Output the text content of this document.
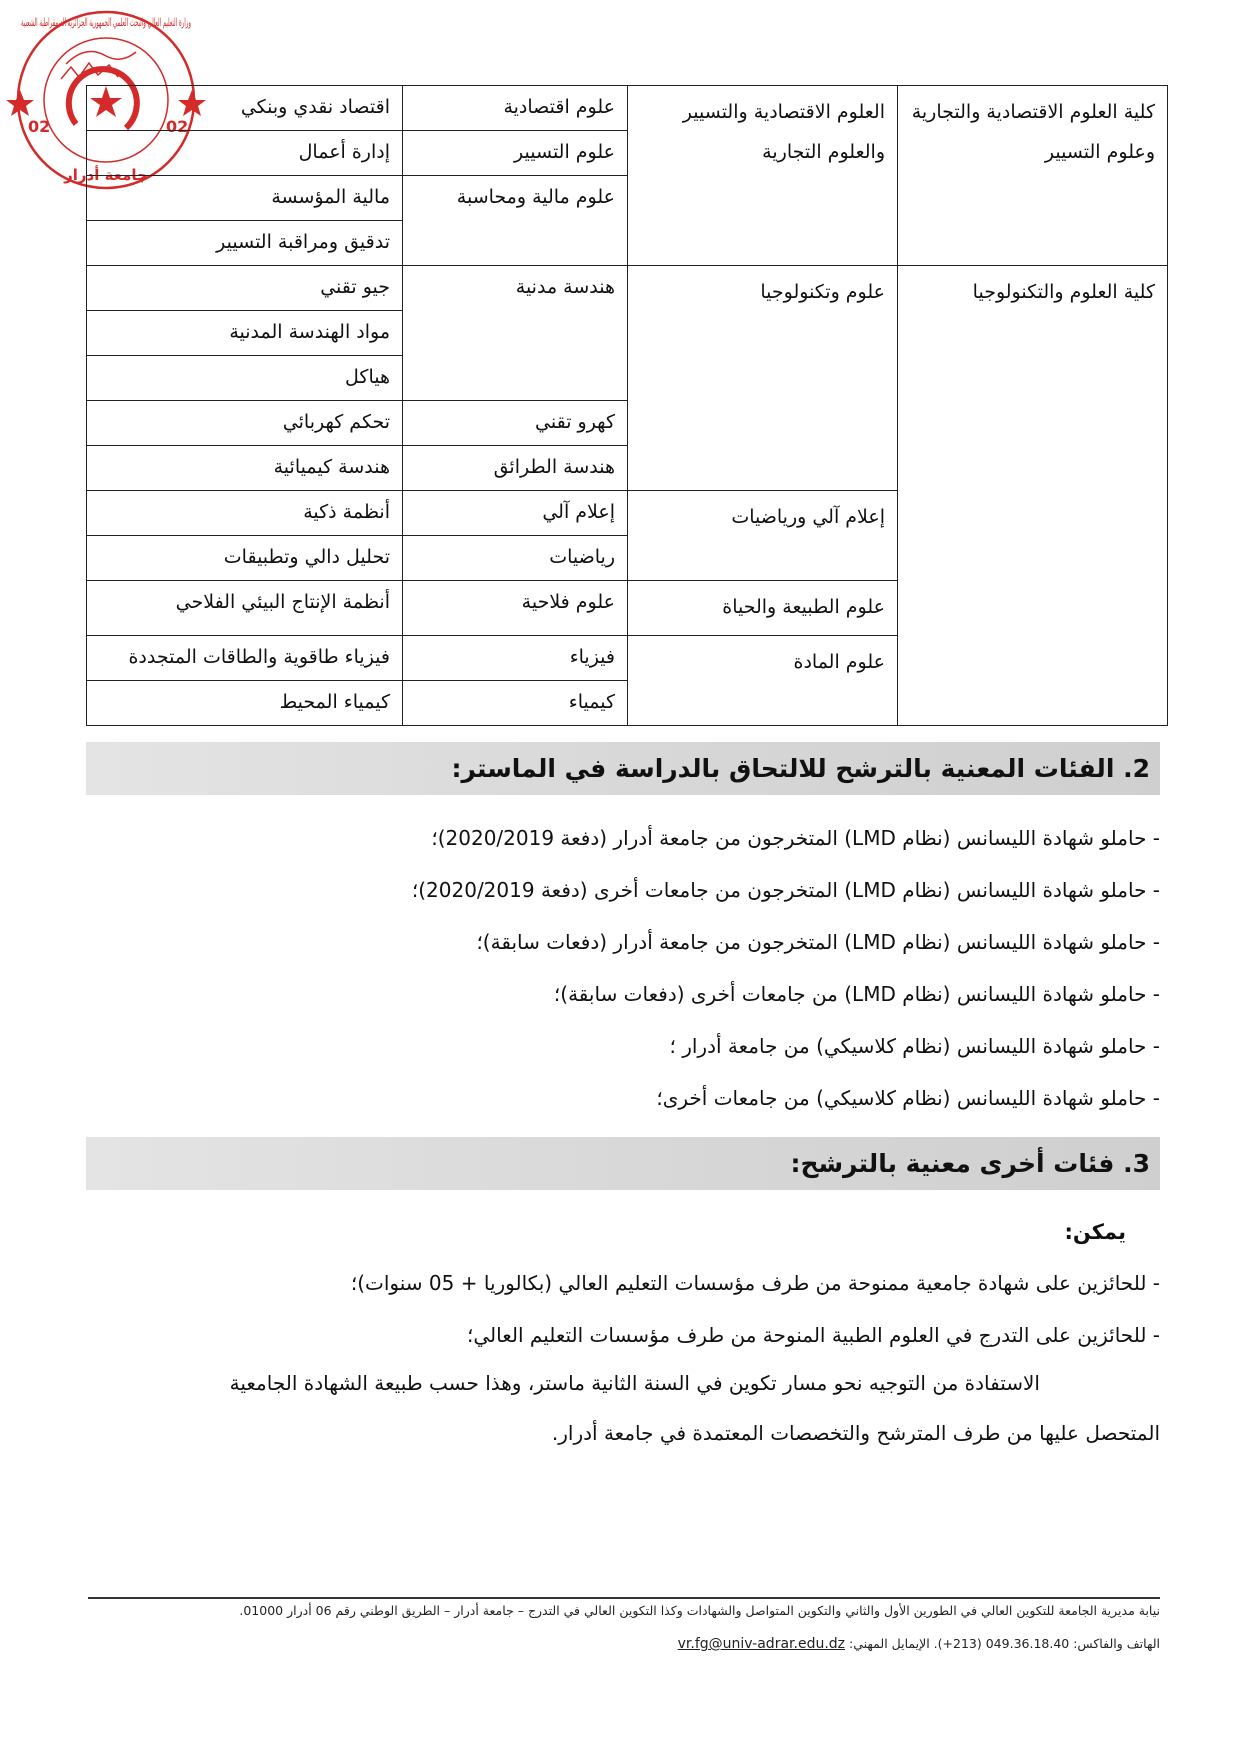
وزارة التعليم العالي والبحث العلمي الجمهورية الجزائرية الديمقراطية الشعبية
02	02
جامعة أدرار
كلية العلوم الاقتصادية والتجارية وعلوم التسيير	العلوم الاقتصادية والتسيير والعلوم التجارية	علوم اقتصادية	اقتصاد نقدي وبنكي
		علوم التسيير	إدارة أعمال
		علوم مالية ومحاسبة	مالية المؤسسة
			تدقيق ومراقبة التسيير
كلية العلوم والتكنولوجيا	علوم وتكنولوجيا	هندسة مدنية	جيو تقني
			مواد الهندسة المدنية
			هياكل
		كهرو تقني	تحكم كهربائي
		هندسة الطرائق	هندسة كيميائية
	إعلام آلي ورياضيات	إعلام آلي	أنظمة ذكية
		رياضيات	تحليل دالي وتطبيقات
	علوم الطبيعة والحياة	علوم فلاحية	أنظمة الإنتاج البيئي الفلاحي
	علوم المادة	فيزياء	فيزياء طاقوية والطاقات المتجددة
		كيمياء	كيمياء المحيط
2. الفئات المعنية بالترشح للالتحاق بالدراسة في الماستر:
- حاملو شهادة الليسانس (نظام LMD) المتخرجون من جامعة أدرار (دفعة 2020/2019)؛
- حاملو شهادة الليسانس (نظام LMD) المتخرجون من جامعات أخرى (دفعة 2020/2019)؛
- حاملو شهادة الليسانس (نظام LMD) المتخرجون من جامعة أدرار (دفعات سابقة)؛
- حاملو شهادة الليسانس (نظام LMD) من جامعات أخرى (دفعات سابقة)؛
- حاملو شهادة الليسانس (نظام كلاسيكي) من جامعة أدرار ؛
- حاملو شهادة الليسانس (نظام كلاسيكي) من جامعات أخرى؛
3. فئات أخرى معنية بالترشح:
يمكن:
- للحائزين على شهادة جامعية ممنوحة من طرف مؤسسات التعليم العالي (بكالوريا + 05 سنوات)؛
- للحائزين على التدرج في العلوم الطبية المنوحة من طرف مؤسسات التعليم العالي؛
الاستفادة من التوجيه نحو مسار تكوين في السنة الثانية ماستر، وهذا حسب طبيعة الشهادة الجامعية
المتحصل عليها من طرف المترشح والتخصصات المعتمدة في جامعة أدرار.
نيابة مديرية الجامعة للتكوين العالي في الطورين الأول والثاني والتكوين المتواصل والشهادات وكذا التكوين العالي في التدرج – جامعة أدرار – الطريق الوطني رقم 06 أدرار 01000.
الهاتف والفاكس: 049.36.18.40 (213+). الإيمايل المهني: vr.fg@univ-adrar.edu.dz
